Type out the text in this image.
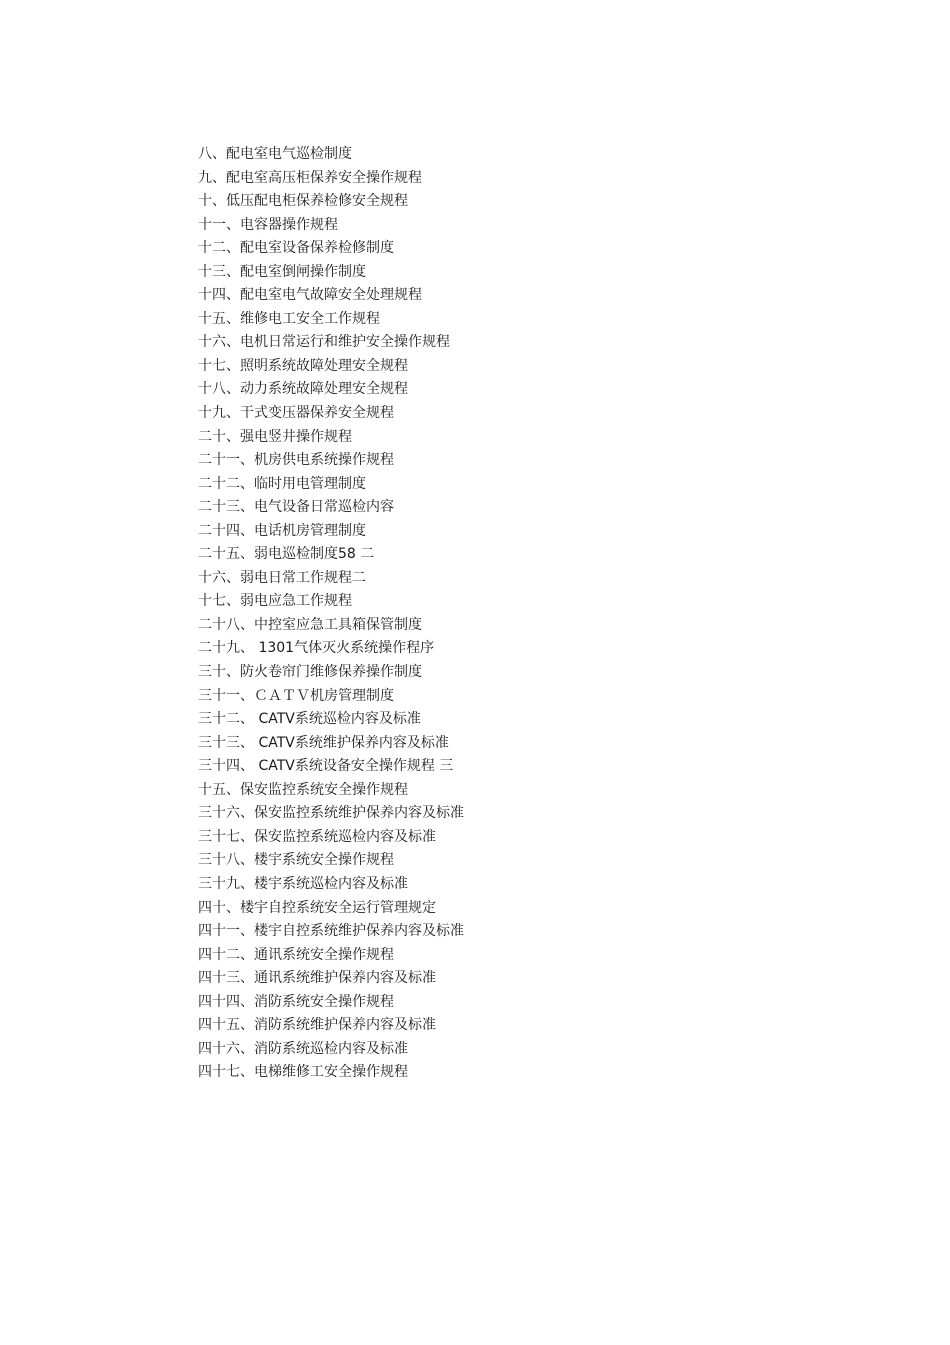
八、配电室电气巡检制度
九、配电室高压柜保养安全操作规程
十、低压配电柜保养检修安全规程
十一、电容器操作规程
十二、配电室设备保养检修制度
十三、配电室倒闸操作制度
十四、配电室电气故障安全处理规程
十五、维修电工安全工作规程
十六、电机日常运行和维护安全操作规程
十七、照明系统故障处理安全规程
十八、动力系统故障处理安全规程
十九、干式变压器保养安全规程
二十、强电竖井操作规程
二十一、机房供电系统操作规程
二十二、临时用电管理制度
二十三、电气设备日常巡检内容
二十四、电话机房管理制度
二十五、弱电巡检制度58 二
十六、弱电日常工作规程二
十七、弱电应急工作规程
二十八、中控室应急工具箱保管制度
二十九、 1301气体灭火系统操作程序
三十、防火卷帘门维修保养操作制度
三十一、ＣＡＴＶ机房管理制度
三十二、 CATV系统巡检内容及标准
三十三、 CATV系统维护保养内容及标准
三十四、 CATV系统设备安全操作规程 三
十五、保安监控系统安全操作规程
三十六、保安监控系统维护保养内容及标准
三十七、保安监控系统巡检内容及标准
三十八、楼宇系统安全操作规程
三十九、楼宇系统巡检内容及标准
四十、楼宇自控系统安全运行管理规定
四十一、楼宇自控系统维护保养内容及标准
四十二、通讯系统安全操作规程
四十三、通讯系统维护保养内容及标准
四十四、消防系统安全操作规程
四十五、消防系统维护保养内容及标准
四十六、消防系统巡检内容及标准
四十七、电梯维修工安全操作规程
